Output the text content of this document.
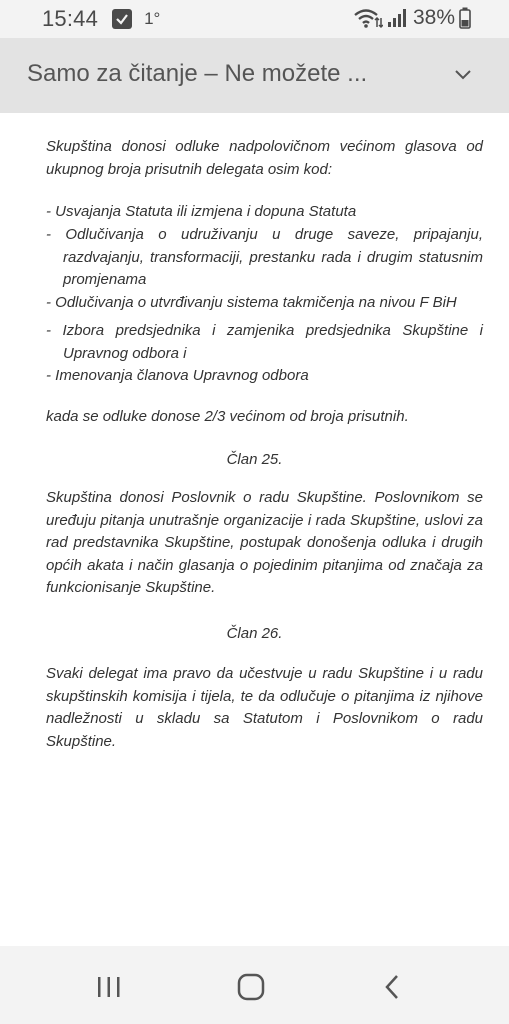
15:44	1°	38%
Samo za čitanje – Ne možete ...

Skupština donosi odluke nadpolovičnom većinom glasova od ukupnog broja prisutnih delegata osim kod:

- Usvajanja Statuta ili izmjena i dopuna Statuta

- Odlučivanja o udruživanju u druge saveze, pripajanju, razdvajanju, transformaciji, prestanku rada i drugim statusnim promjenama

- Odlučivanja o utvrđivanju sistema takmičenja na nivou F BiH

- Izbora predsjednika i zamjenika predsjednika Skupštine i Upravnog odbora i

- Imenovanja članova Upravnog odbora

kada se odluke donose 2/3 većinom od broja prisutnih.

Član 25.

Skupština donosi Poslovnik o radu Skupštine. Poslovnikom se uređuju pitanja unutrašnje organizacije i rada Skupštine, uslovi za rad predstavnika Skupštine, postupak donošenja odluka i drugih općih akata i način glasanja o pojedinim pitanjima od značaja za funkcionisanje Skupštine.

Član 26.

Svaki delegat ima pravo da učestvuje u radu Skupštine i u radu skupštinskih komisija i tijela, te da odlučuje o pitanjima iz njihove nadležnosti u skladu sa Statutom i Poslovnikom o radu Skupštine.
